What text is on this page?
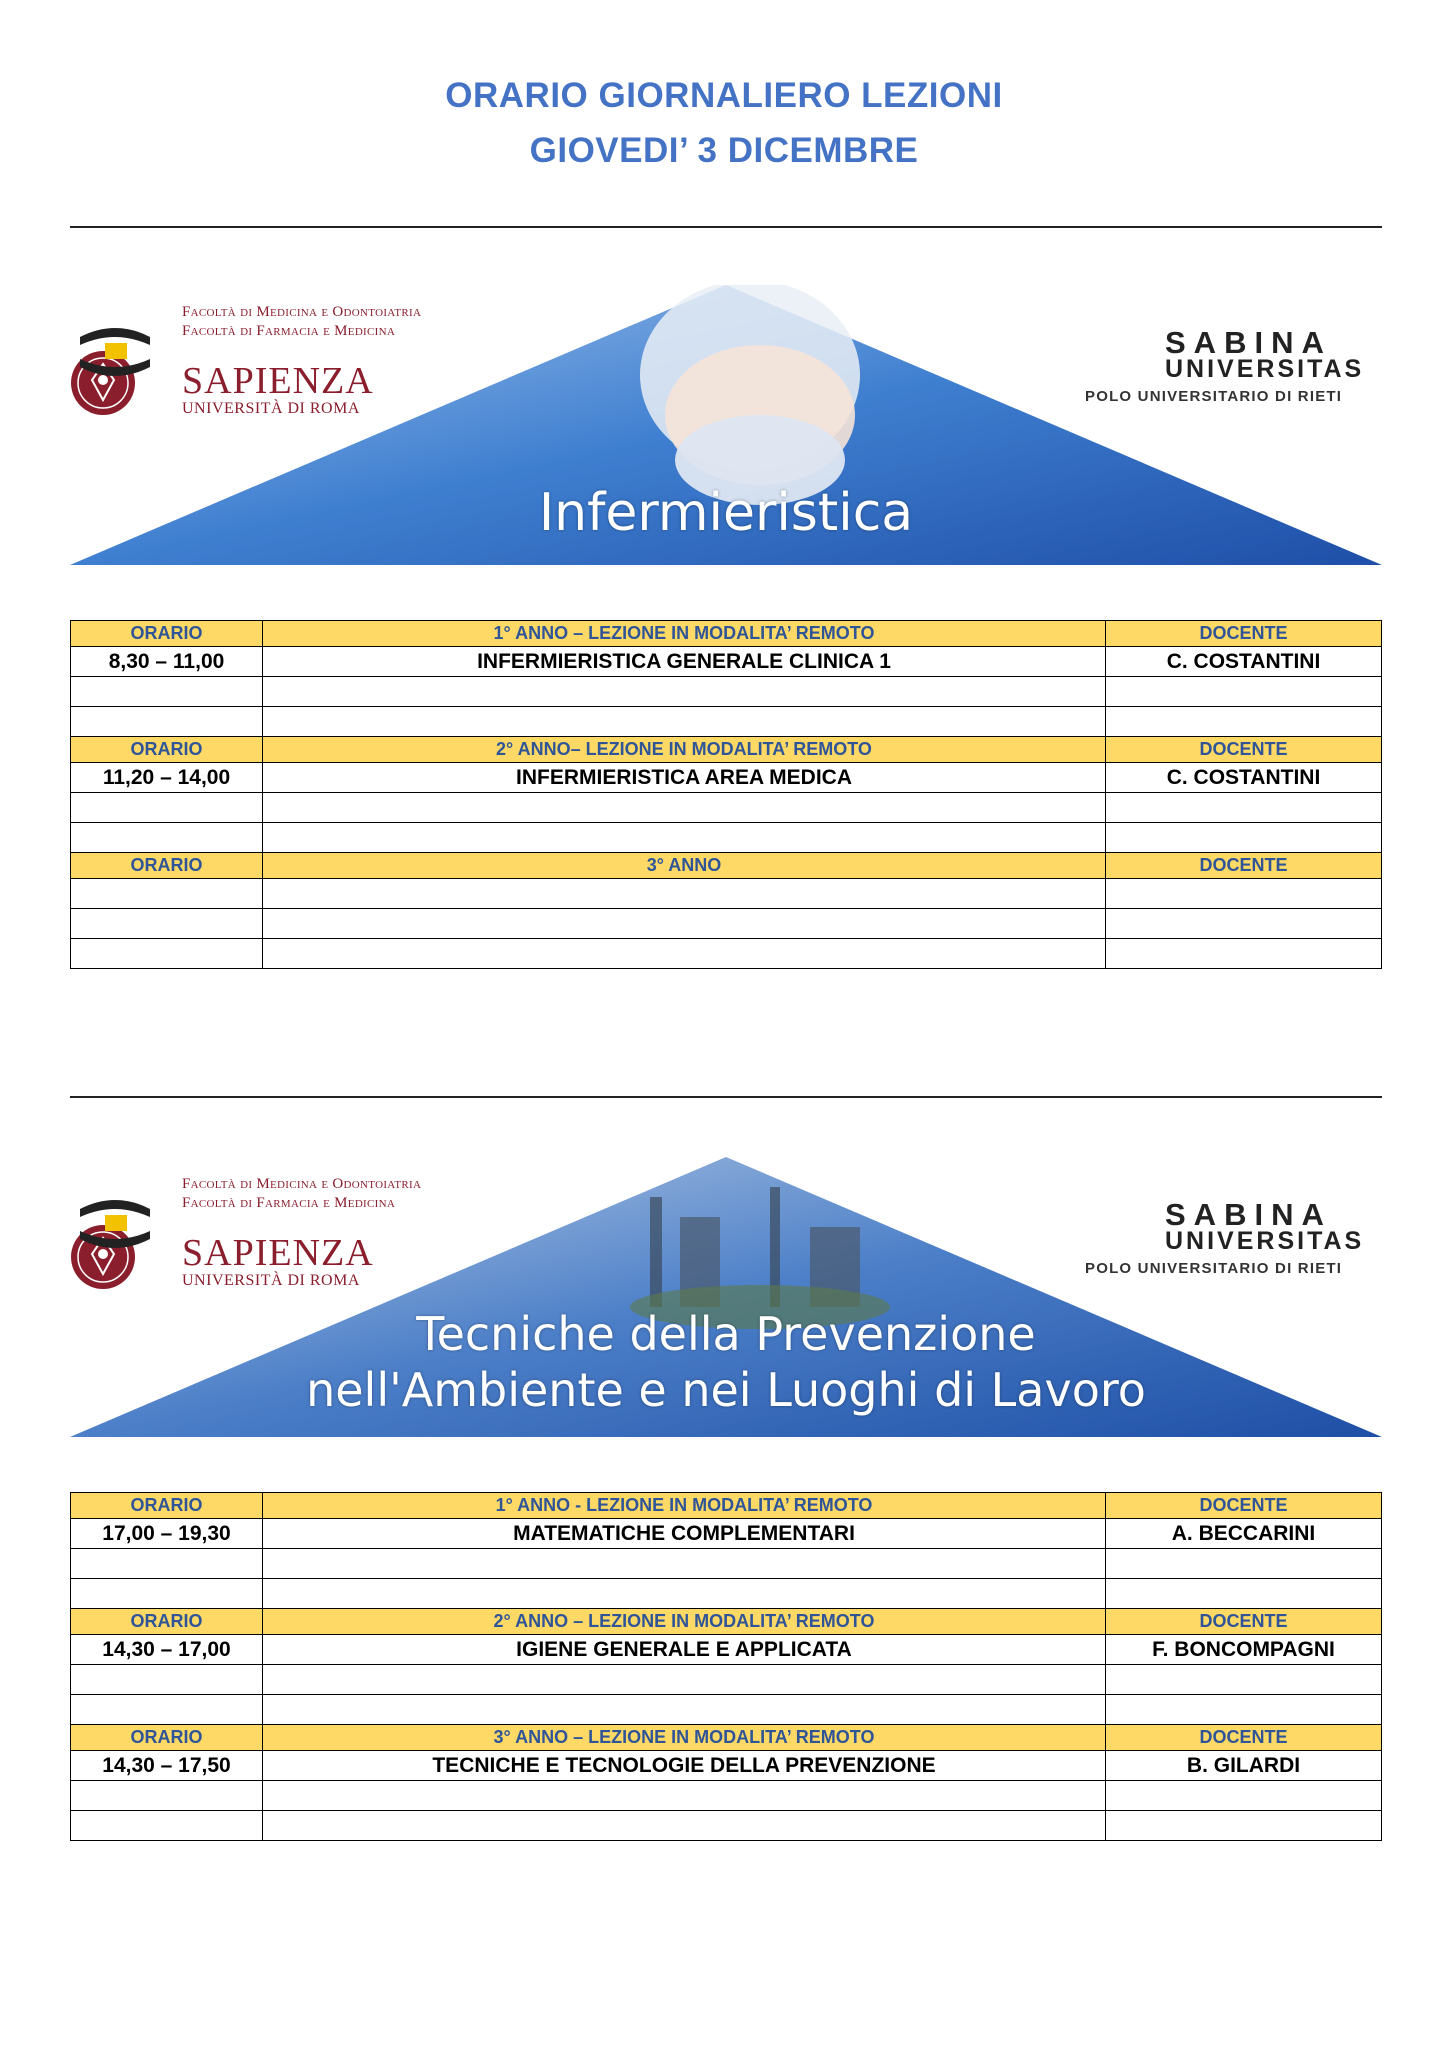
ORARIO GIORNALIERO LEZIONI
GIOVEDI’ 3 DICEMBRE
Facoltà di Medicina e Odontoiatria
Facoltà di Farmacia e Medicina
SAPIENZA
UNIVERSITÀ DI ROMA
SABINA
UNIVERSITAS
POLO UNIVERSITARIO DI RIETI
Infermieristica
ORARIO	1° ANNO – LEZIONE IN MODALITA’ REMOTO	DOCENTE
8,30 – 11,00	INFERMIERISTICA GENERALE CLINICA 1	C. COSTANTINI

ORARIO	2° ANNO– LEZIONE IN MODALITA’ REMOTO	DOCENTE
11,20 – 14,00	INFERMIERISTICA AREA MEDICA	C. COSTANTINI

ORARIO	3° ANNO	DOCENTE

Facoltà di Medicina e Odontoiatria
Facoltà di Farmacia e Medicina
SAPIENZA
UNIVERSITÀ DI ROMA
SABINA
UNIVERSITAS
POLO UNIVERSITARIO DI RIETI
Tecniche della Prevenzione
nell'Ambiente e nei Luoghi di Lavoro
ORARIO	1° ANNO - LEZIONE IN MODALITA’ REMOTO	DOCENTE
17,00 – 19,30	MATEMATICHE COMPLEMENTARI	A. BECCARINI

ORARIO	2° ANNO – LEZIONE IN MODALITA’ REMOTO	DOCENTE
14,30 – 17,00	IGIENE GENERALE E APPLICATA	F. BONCOMPAGNI

ORARIO	3° ANNO – LEZIONE IN MODALITA’ REMOTO	DOCENTE
14,30 – 17,50	TECNICHE E TECNOLOGIE DELLA PREVENZIONE	B. GILARDI
